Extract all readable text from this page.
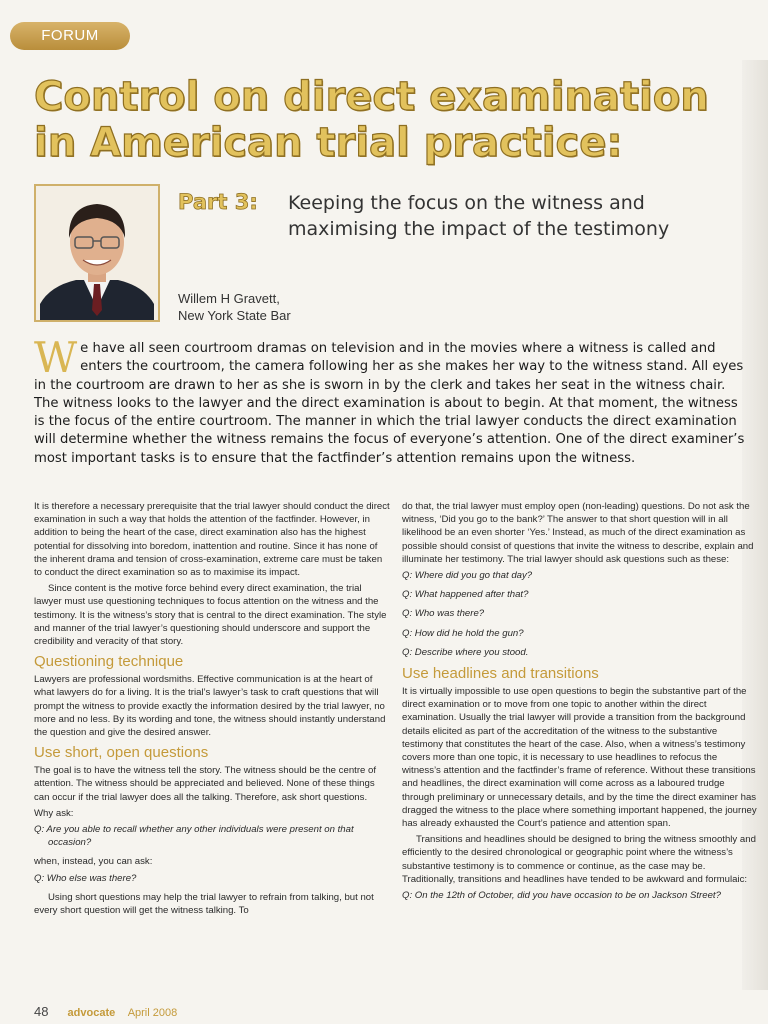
FORUM
Control on direct examination
in American trial practice:
Part 3: Keeping the focus on the witness and maximising the impact of the testimony
Willem H Gravett,
New York State Bar

We have all seen courtroom dramas on television and in the movies where a witness is called and enters the courtroom, the camera following her as she makes her way to the witness stand. All eyes in the courtroom are drawn to her as she is sworn in by the clerk and takes her seat in the witness chair. The witness looks to the lawyer and the direct examination is about to begin. At that moment, the witness is the focus of the entire courtroom. The manner in which the trial lawyer conducts the direct examination will determine whether the witness remains the focus of everyone’s attention. One of the direct examiner’s most important tasks is to ensure that the factfinder’s attention remains upon the witness.

It is therefore a necessary prerequisite that the trial lawyer should conduct the direct examination in such a way that holds the attention of the factfinder. However, in addition to being the heart of the case, direct examination also has the highest potential for dissolving into boredom, inattention and routine. Since it has none of the inherent drama and tension of cross-examination, extreme care must be taken to conduct the direct examination so as to maximise its impact.

Since content is the motive force behind every direct examination, the trial lawyer must use questioning techniques to focus attention on the witness and the testimony. It is the witness’s story that is central to the direct examination. The style and manner of the trial lawyer’s questioning should underscore and support the credibility and veracity of that story.

Questioning technique

Lawyers are professional wordsmiths. Effective communication is at the heart of what lawyers do for a living. It is the trial’s lawyer’s task to craft questions that will prompt the witness to provide exactly the information desired by the trial lawyer, no more and no less. By its wording and tone, the witness should instantly understand the question and give the desired answer.

Use short, open questions

The goal is to have the witness tell the story. The witness should be the centre of attention. The witness should be appreciated and believed. None of these things can occur if the trial lawyer does all the talking. Therefore, ask short questions.

Why ask:
Q: Are you able to recall whether any other individuals were present on that occasion?
when, instead, you can ask:
Q: Who else was there?

Using short questions may help the trial lawyer to refrain from talking, but not every short question will get the witness talking. To

do that, the trial lawyer must employ open (non-leading) questions. Do not ask the witness, ‘Did you go to the bank?’ The answer to that short question will in all likelihood be an even shorter ‘Yes.’ Instead, as much of the direct examination as possible should consist of questions that invite the witness to describe, explain and illuminate her testimony. The trial lawyer should ask questions such as these:

Q: Where did you go that day?
Q: What happened after that?
Q: Who was there?
Q: How did he hold the gun?
Q: Describe where you stood.
Use headlines and transitions

It is virtually impossible to use open questions to begin the substantive part of the direct examination or to move from one topic to another within the direct examination. Usually the trial lawyer will provide a transition from the background details elicited as part of the accreditation of the witness to the substantive testimony that constitutes the heart of the case. Also, when a witness’s testimony covers more than one topic, it is necessary to use headlines to refocus the witness’s attention and the factfinder’s frame of reference. Without these transitions and headlines, the direct examination will come across as a laboured trudge through preliminary or unnecessary details, and by the time the direct examiner has dragged the witness to the place where something important happened, the journey has already exhausted the Court’s patience and attention span.

Transitions and headlines should be designed to bring the witness smoothly and efficiently to the desired chronological or geographic point where the witness’s substantive testimony is to commence or continue, as the case may be. Traditionally, transitions and headlines have tended to be awkward and formulaic:

Q: On the 12th of October, did you have occasion to be on Jackson Street?
48 advocate April 2008
